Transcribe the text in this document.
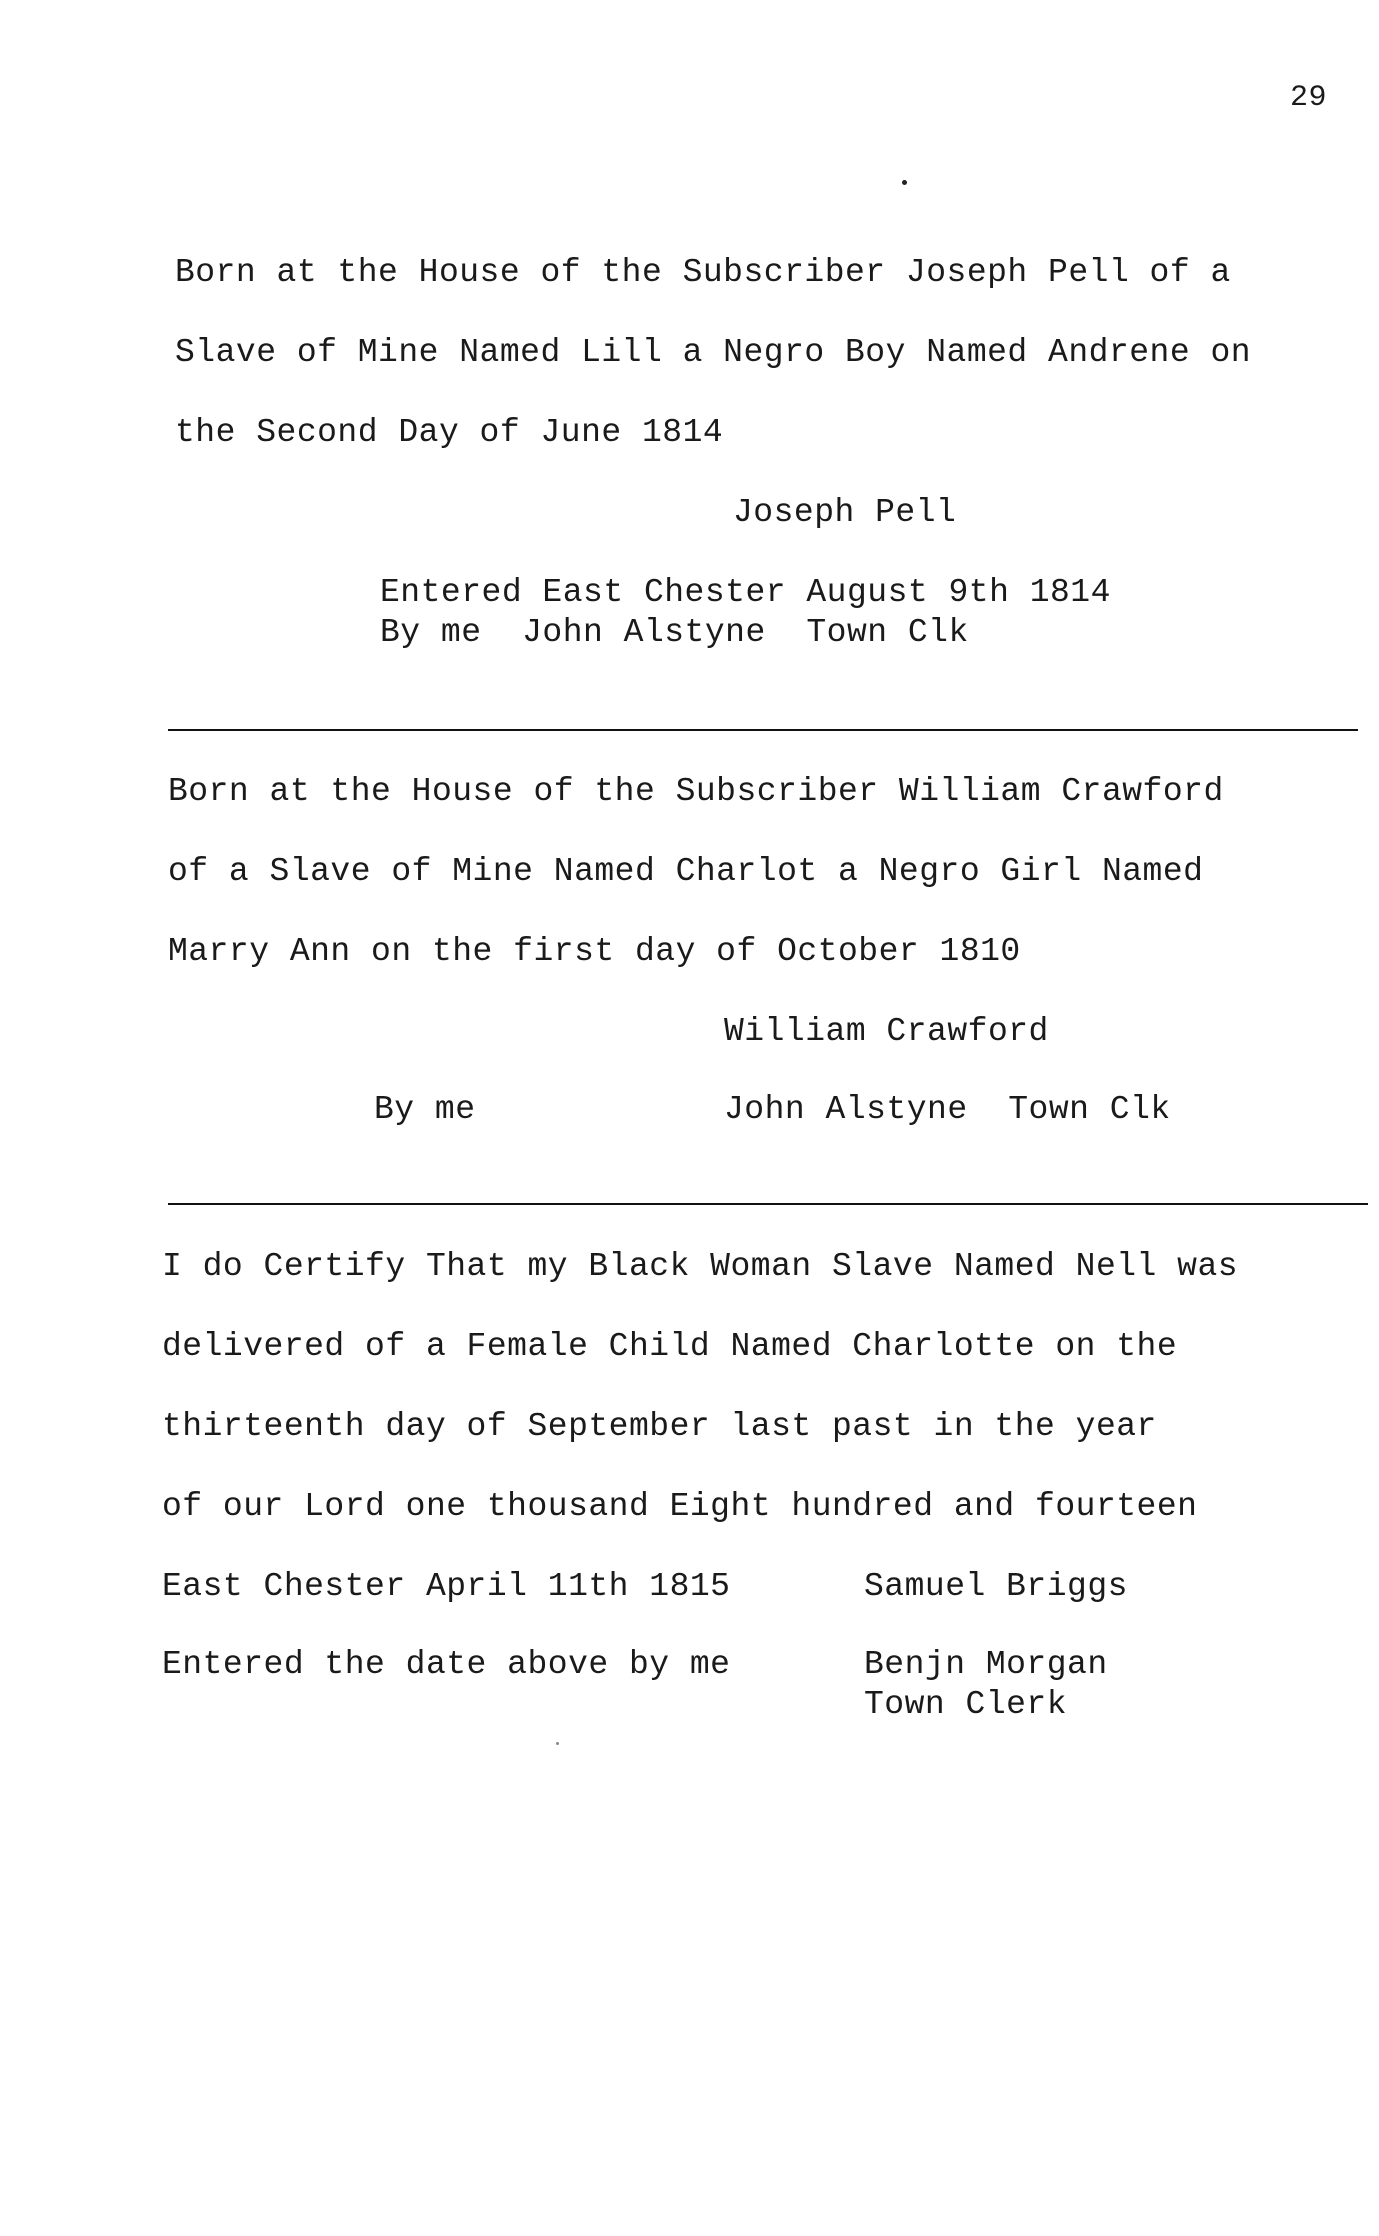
29
Born at the House of the Subscriber Joseph Pell of a
Slave of Mine Named Lill a Negro Boy Named Andrene on
the Second Day of June 1814
Joseph Pell
Entered East Chester August 9th 1814
By me  John Alstyne  Town Clk
Born at the House of the Subscriber William Crawford
of a Slave of Mine Named Charlot a Negro Girl Named
Marry Ann on the first day of October 1810
William Crawford
By me	John Alstyne  Town Clk
I do Certify That my Black Woman Slave Named Nell was
delivered of a Female Child Named Charlotte on the
thirteenth day of September last past in the year
of our Lord one thousand Eight hundred and fourteen
East Chester April 11th 1815	Samuel Briggs
Entered the date above by me	Benjn Morgan
Town Clerk
